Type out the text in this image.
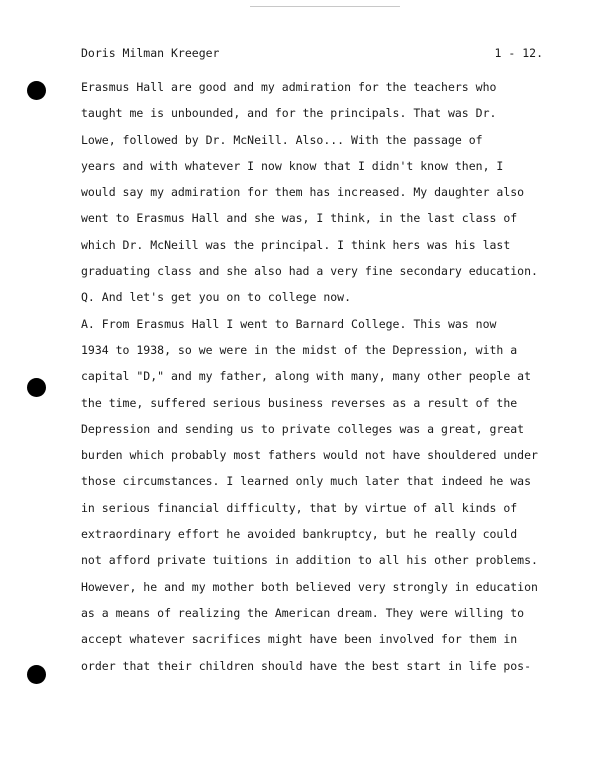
Doris Milman Kreeger	1 - 12.
Erasmus Hall are good and my admiration for the teachers who
taught me is unbounded, and for the principals. That was Dr.
Lowe, followed by Dr. McNeill. Also... With the passage of
years and with whatever I now know that I didn't know then, I
would say my admiration for them has increased. My daughter also
went to Erasmus Hall and she was, I think, in the last class of
which Dr. McNeill was the principal. I think hers was his last
graduating class and she also had a very fine secondary education.
Q. And let's get you on to college now.
A. From Erasmus Hall I went to Barnard College. This was now
1934 to 1938, so we were in the midst of the Depression, with a
capital "D," and my father, along with many, many other people at
the time, suffered serious business reverses as a result of the
Depression and sending us to private colleges was a great, great
burden which probably most fathers would not have shouldered under
those circumstances. I learned only much later that indeed he was
in serious financial difficulty, that by virtue of all kinds of
extraordinary effort he avoided bankruptcy, but he really could
not afford private tuitions in addition to all his other problems.
However, he and my mother both believed very strongly in education
as a means of realizing the American dream. They were willing to
accept whatever sacrifices might have been involved for them in
order that their children should have the best start in life pos-
